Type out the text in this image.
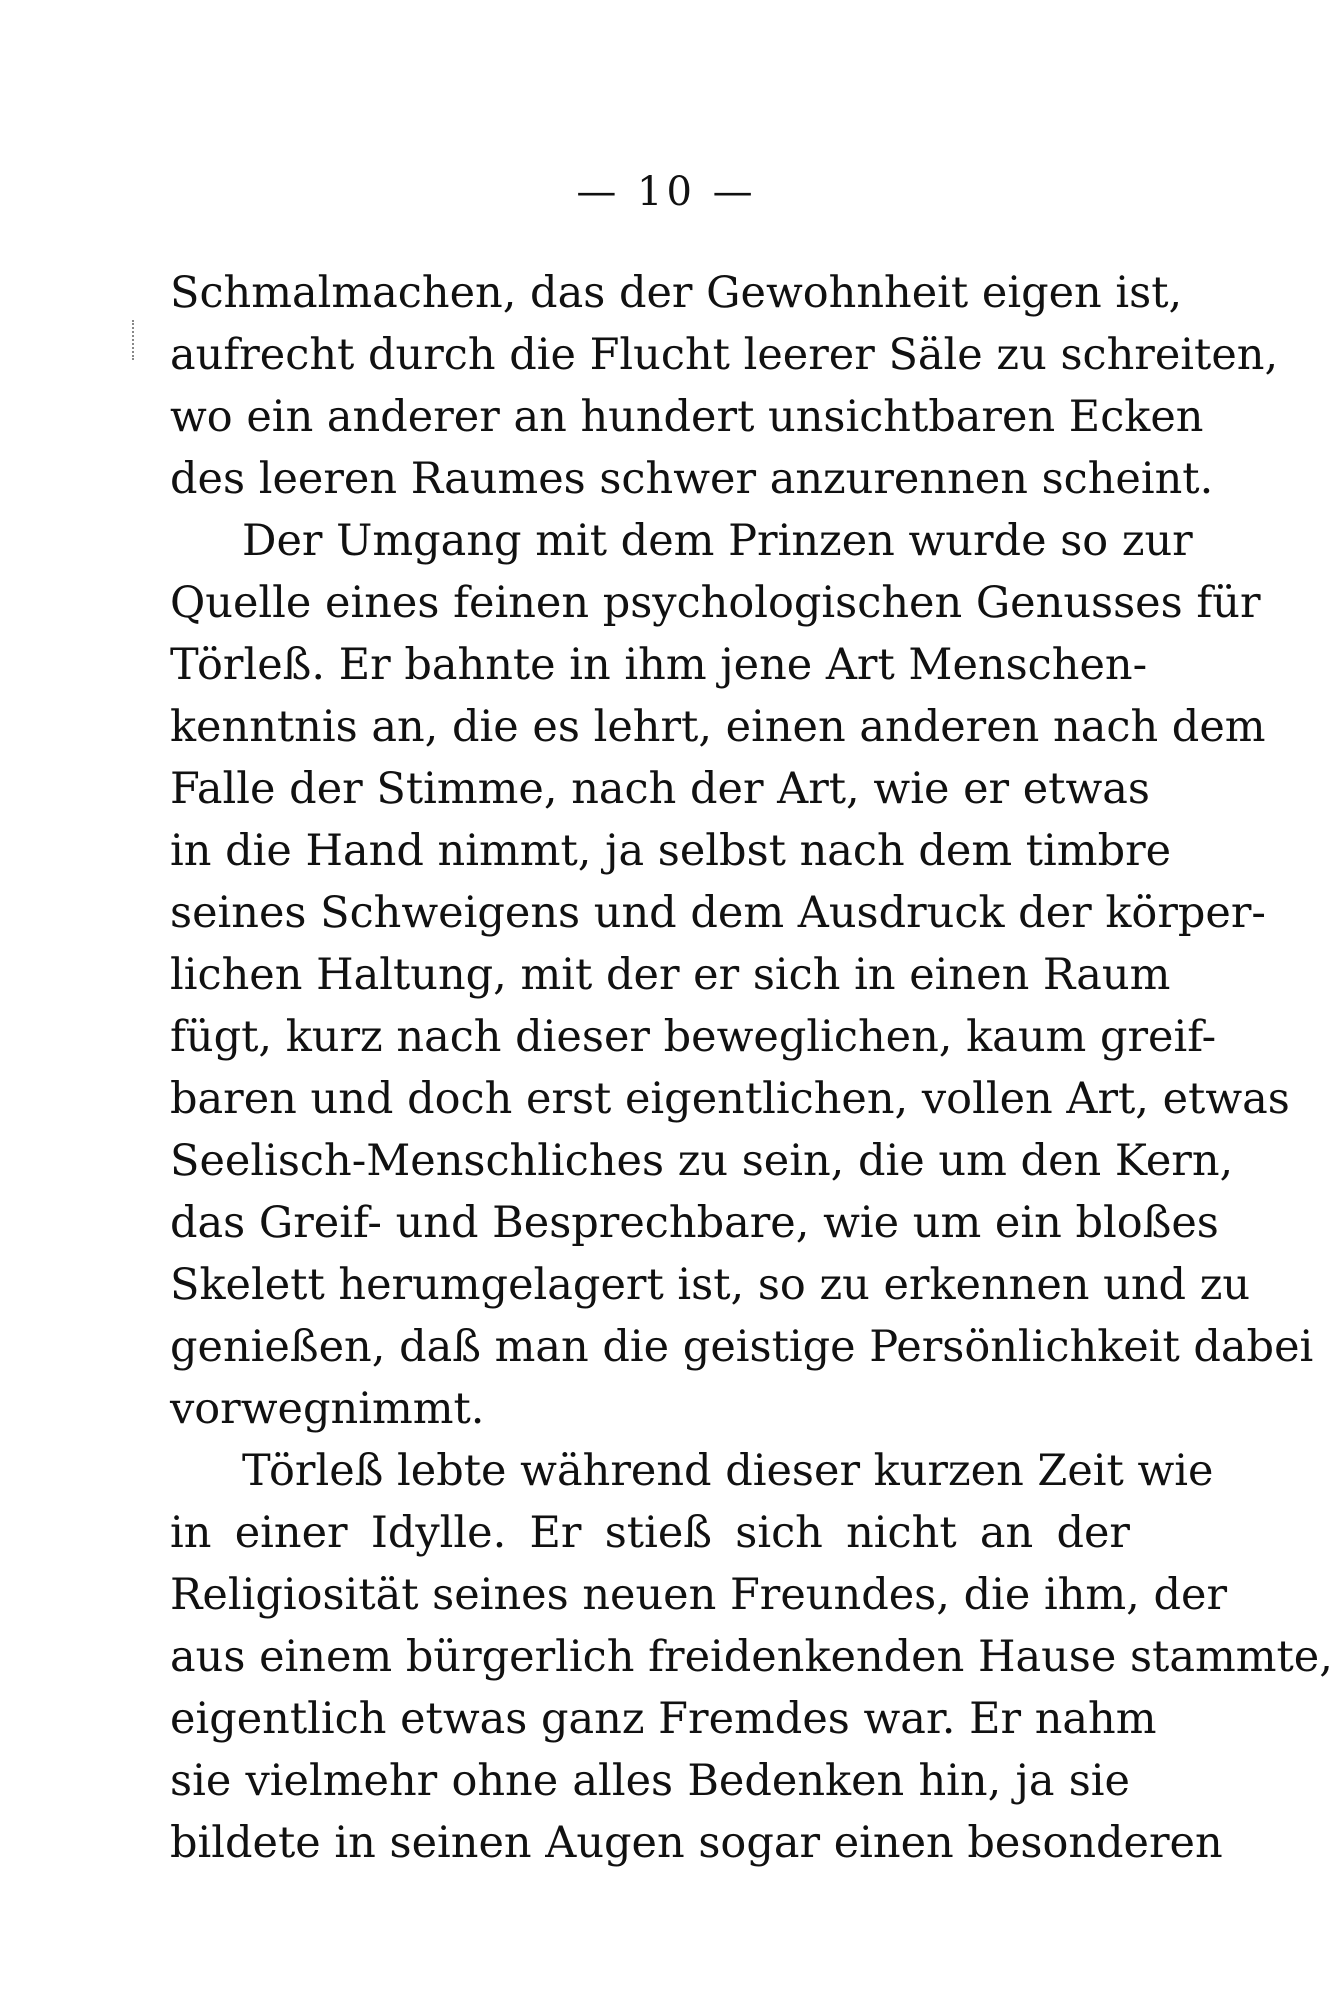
— 10 —
Schmalmachen, das der Gewohnheit eigen ist,
aufrecht durch die Flucht leerer Säle zu schreiten,
wo ein anderer an hundert unsichtbaren Ecken
des leeren Raumes schwer anzurennen scheint.
Der Umgang mit dem Prinzen wurde so zur
Quelle eines feinen psychologischen Genusses für
Törleß. Er bahnte in ihm jene Art Menschen-
kenntnis an, die es lehrt, einen anderen nach dem
Falle der Stimme, nach der Art, wie er etwas
in die Hand nimmt, ja selbst nach dem timbre
seines Schweigens und dem Ausdruck der körper-
lichen Haltung, mit der er sich in einen Raum
fügt, kurz nach dieser beweglichen, kaum greif-
baren und doch erst eigentlichen, vollen Art, etwas
Seelisch-Menschliches zu sein, die um den Kern,
das Greif- und Besprechbare, wie um ein bloßes
Skelett herumgelagert ist, so zu erkennen und zu
genießen, daß man die geistige Persönlichkeit dabei
vorwegnimmt.
Törleß lebte während dieser kurzen Zeit wie
in einer Idylle. Er stieß sich nicht an der
Religiosität seines neuen Freundes, die ihm, der
aus einem bürgerlich freidenkenden Hause stammte,
eigentlich etwas ganz Fremdes war. Er nahm
sie vielmehr ohne alles Bedenken hin, ja sie
bildete in seinen Augen sogar einen besonderen
